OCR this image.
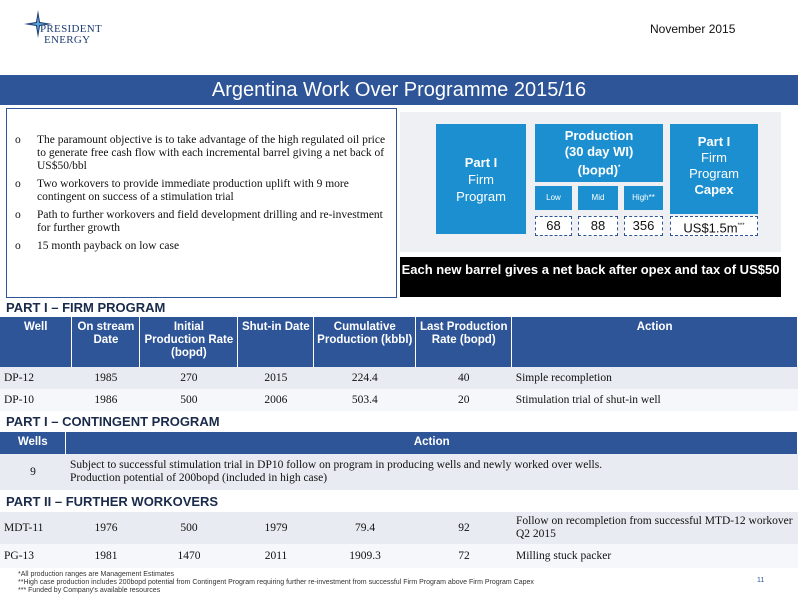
PRESIDENT
ENERGY
November 2015
Argentina Work Over Programme 2015/16
o The paramount objective is to take advantage of the high regulated oil price to generate free cash flow with each incremental barrel giving a net back of US$50/bbl
o Two workovers to provide immediate production uplift with 9 more contingent on success of a stimulation trial
o Path to further workovers and field development drilling and re-investment for further growth
o 15 month payback on low case
Part I
Firm
Program
Production
(30 day WI)
(bopd)*
Part I
Firm
Program
Capex
Low	Mid	High**
68	88	356	US$1.5m***
Each new barrel gives a net back after opex and tax of US$50
PART I – FIRM PROGRAM
Well	On stream Date	Initial Production Rate (bopd)	Shut-in Date	Cumulative Production (kbbl)	Last Production Rate (bopd)	Action
DP-12	1985	270	2015	224.4	40	Simple recompletion
DP-10	1986	500	2006	503.4	20	Stimulation trial of shut-in well
PART I – CONTINGENT PROGRAM
Wells	Action
9	Subject to successful stimulation trial in DP10 follow on program in producing wells and newly worked over wells.
Production potential of 200bopd (included in high case)
PART II – FURTHER WORKOVERS
MDT-11	1976	500	1979	79.4	92	Follow on recompletion from successful MTD-12 workover Q2 2015
PG-13	1981	1470	2011	1909.3	72	Milling stuck packer
*All production ranges are Management Estimates
**High case production includes 200bopd potential from Contingent Program requiring further re-investment from successful Firm Program above Firm Program Capex
*** Funded by Company's available resources
11
